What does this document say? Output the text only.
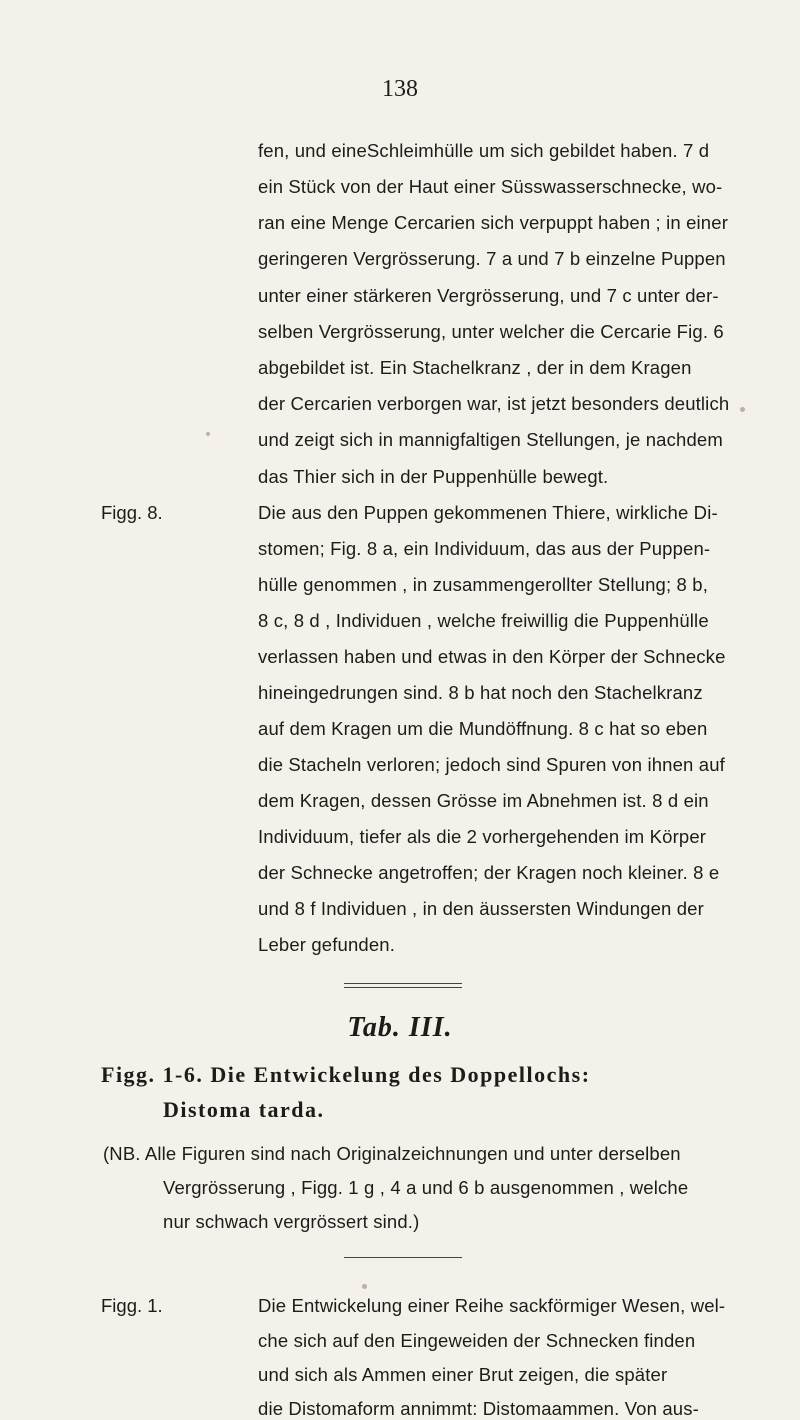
138
fen, und eineSchleimhülle um sich gebildet haben. 7 d
ein Stück von der Haut einer Süsswasserschnecke, wo-
ran eine Menge Cercarien sich verpuppt haben ; in einer
geringeren Vergrösserung. 7 a und 7 b einzelne Puppen
unter einer stärkeren Vergrösserung, und 7 c unter der-
selben Vergrösserung, unter welcher die Cercarie Fig. 6
abgebildet ist. Ein Stachelkranz , der in dem Kragen
der Cercarien verborgen war, ist jetzt besonders deutlich
und zeigt sich in mannigfaltigen Stellungen, je nachdem
das Thier sich in der Puppenhülle bewegt.
Figg. 8.	Die aus den Puppen gekommenen Thiere, wirkliche Di-
stomen; Fig. 8 a, ein Individuum, das aus der Puppen-
hülle genommen , in zusammengerollter Stellung; 8 b,
8 c, 8 d , Individuen , welche freiwillig die Puppenhülle
verlassen haben und etwas in den Körper der Schnecke
hineingedrungen sind. 8 b hat noch den Stachelkranz
auf dem Kragen um die Mundöffnung. 8 c hat so eben
die Stacheln verloren; jedoch sind Spuren von ihnen auf
dem Kragen, dessen Grösse im Abnehmen ist. 8 d ein
Individuum, tiefer als die 2 vorhergehenden im Körper
der Schnecke angetroffen; der Kragen noch kleiner. 8 e
und 8 f Individuen , in den äussersten Windungen der
Leber gefunden.
Tab. III.
Figg. 1-6. Die Entwickelung des Doppellochs:
Distoma tarda.
(NB. Alle Figuren sind nach Originalzeichnungen und unter derselben
Vergrösserung , Figg. 1 g , 4 a und 6 b ausgenommen , welche
nur schwach vergrössert sind.)
Figg. 1.	Die Entwickelung einer Reihe sackförmiger Wesen, wel-
che sich auf den Eingeweiden der Schnecken finden
und sich als Ammen einer Brut zeigen, die später
die Distomaform annimmt: Distomaammen. Von aus-
